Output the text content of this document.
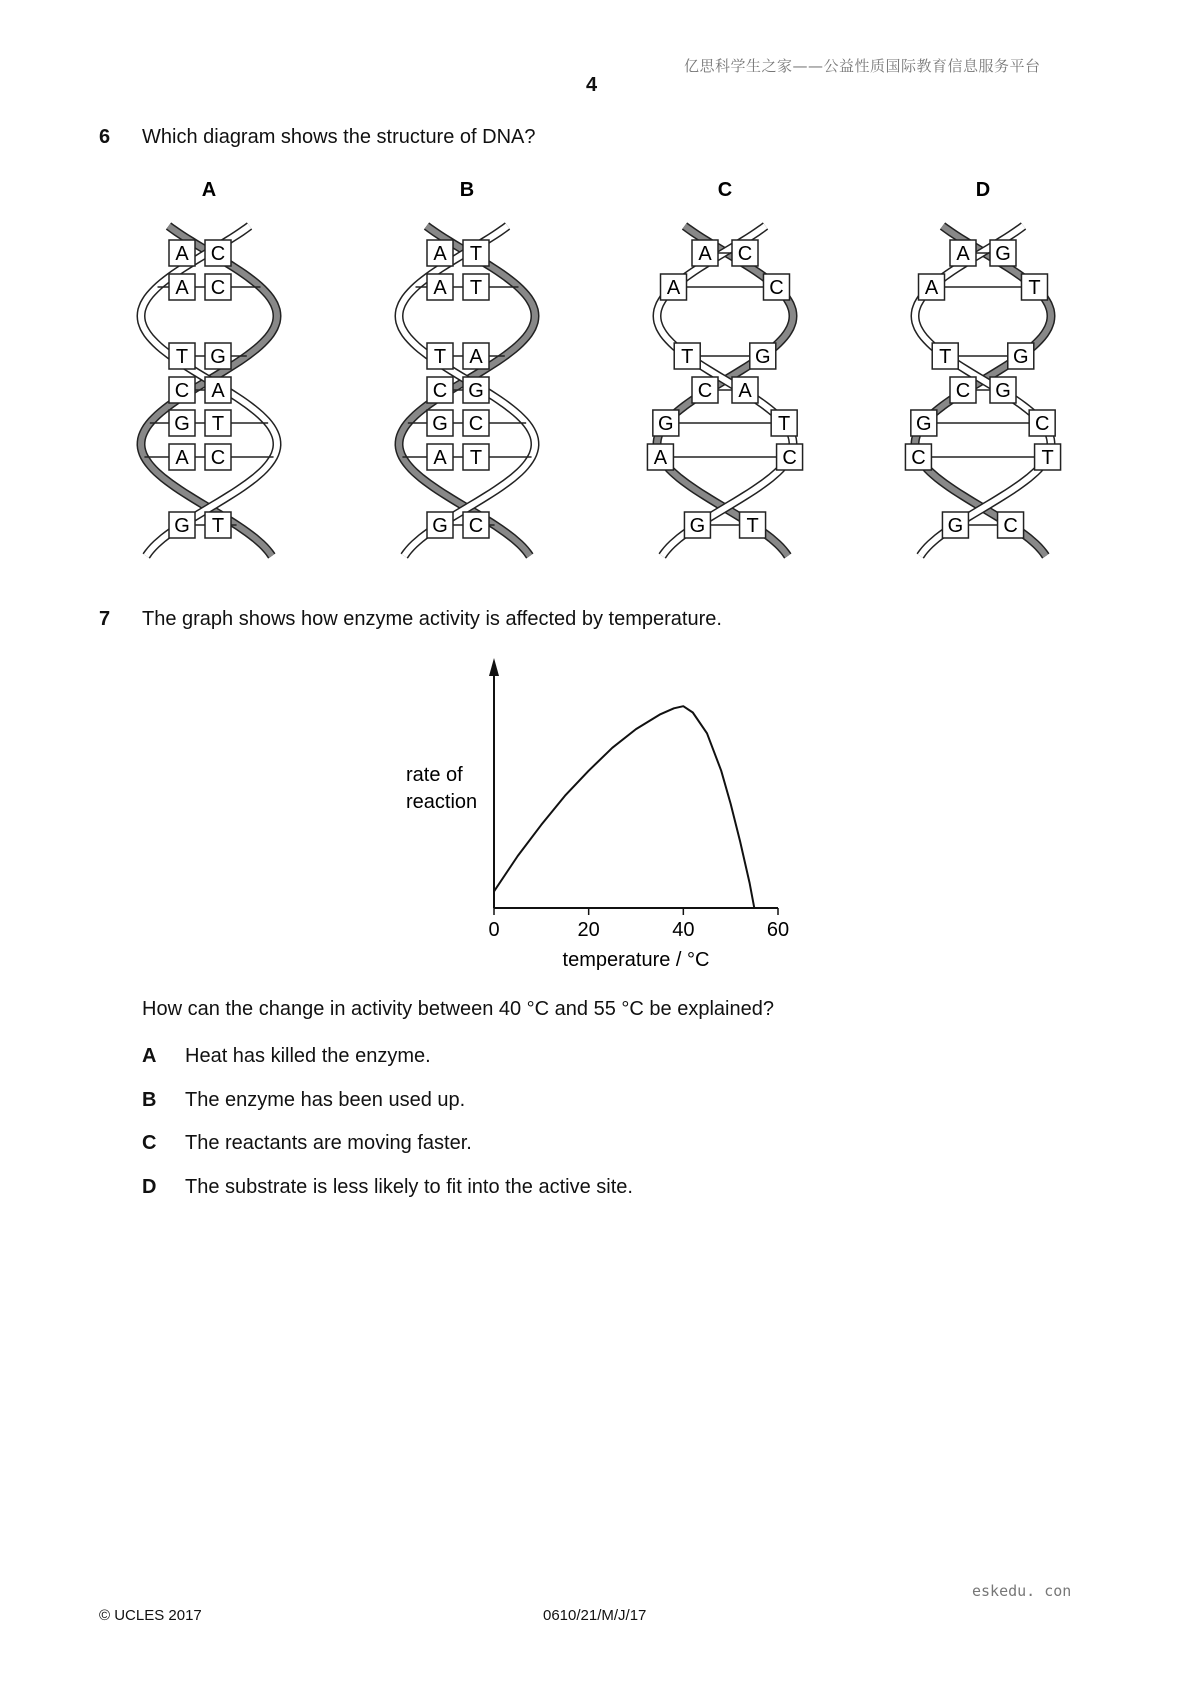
亿思科学生之家——公益性质国际教育信息服务平台
4
6 Which diagram shows the structure of DNA?
A
A C
A C
T G
C A
G T
A C
G T
B
A T
A T
T A
C G
G C
A T
G C
C
A C
A	C
T	G
C A
G	T
A	C
G T
D
A G
A	T
T	G
C G
G	C
C	T
G C
7 The graph shows how enzyme activity is affected by temperature.
0	20	40	60
temperature / °C
rate of
reaction
How can the change in activity between 40 °C and 55 °C be explained?
A Heat has killed the enzyme.
B The enzyme has been used up.
C The reactants are moving faster.
D The substrate is less likely to fit into the active site.
eskedu. con
© UCLES 2017	0610/21/M/J/17
